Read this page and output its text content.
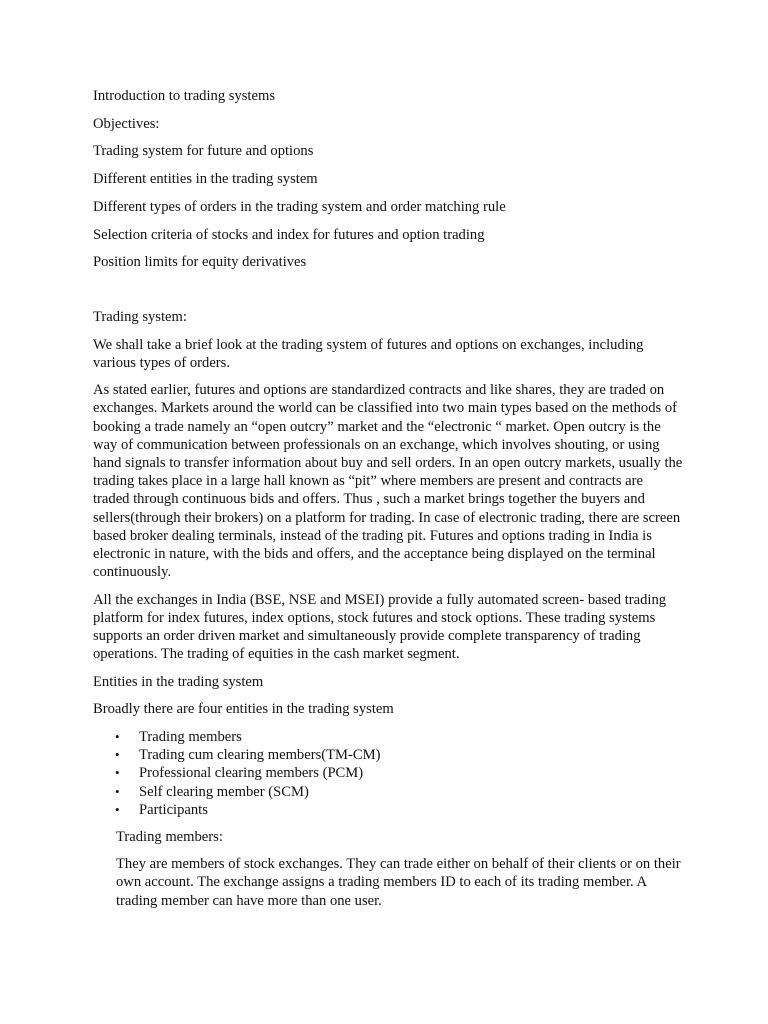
Introduction to trading systems

Objectives:

Trading system for future and options

Different entities in the trading system

Different types of orders in the trading system and order matching rule

Selection criteria of stocks and index for futures and option trading

Position limits for equity derivatives

Trading system:

We shall take a brief look at the trading system of futures and options on exchanges, including various types of orders.

As stated earlier, futures and options are standardized contracts and like shares, they are traded on exchanges. Markets around the world can be classified into two main types based on the methods of booking a trade namely an “open outcry” market and the “electronic “ market. Open outcry is the way of communication between professionals on an exchange, which involves shouting, or using hand signals to transfer information about buy and sell orders. In an open outcry markets, usually the trading takes place in a large hall known as “pit” where members are present and contracts are traded through continuous bids and offers. Thus , such a market brings together the buyers and sellers(through their brokers) on a platform for trading. In case of electronic trading, there are screen based broker dealing terminals, instead of the trading pit. Futures and options trading in India is electronic in nature, with the bids and offers, and the acceptance being displayed on the terminal continuously.

All the exchanges in India (BSE, NSE and MSEI) provide a fully automated screen- based trading platform for index futures, index options, stock futures and stock options. These trading systems supports an order driven market and simultaneously provide complete transparency of trading operations. The trading of equities in the cash market segment.

Entities in the trading system

Broadly there are four entities in the trading system

• Trading members
• Trading cum clearing members(TM-CM)
• Professional clearing members (PCM)
• Self clearing member (SCM)
• Participants

Trading members:

They are members of stock exchanges. They can trade either on behalf of their clients or on their own account. The exchange assigns a trading members ID to each of its trading member. A trading member can have more than one user.
